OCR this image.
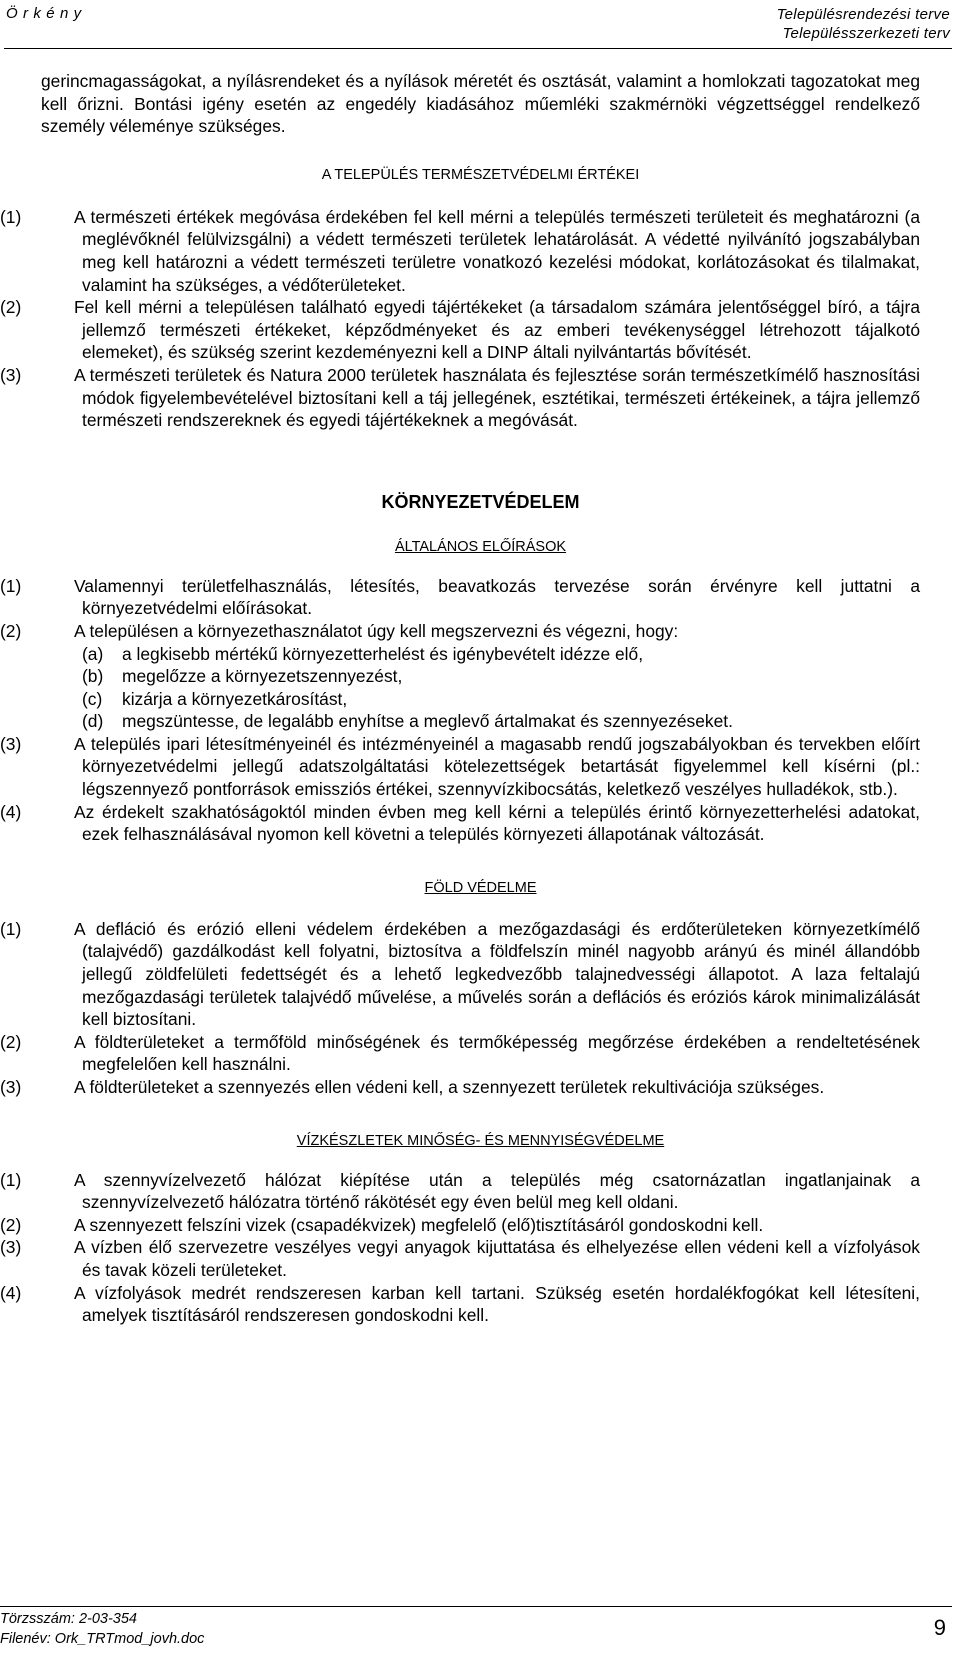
Ö r k é n y	Településrendezési terve
Településszerkezeti terv

gerincmagasságokat, a nyílásrendeket és a nyílások méretét és osztását, valamint a homlokzati tagozatokat meg kell őrizni. Bontási igény esetén az engedély kiadásához műemléki szakmérnöki végzettséggel rendelkező személy véleménye szükséges.

A TELEPÜLÉS TERMÉSZETVÉDELMI ÉRTÉKEI

(1)	A természeti értékek megóvása érdekében fel kell mérni a település természeti területeit és meghatározni (a meglévőknél felülvizsgálni) a védett természeti területek lehatárolását. A védetté nyilvánító jogszabályban meg kell határozni a védett természeti területre vonatkozó kezelési módokat, korlátozásokat és tilalmakat, valamint ha szükséges, a védőterületeket.
(2)	Fel kell mérni a településen található egyedi tájértékeket (a társadalom számára jelentőséggel bíró, a tájra jellemző természeti értékeket, képződményeket és az emberi tevékenységgel létrehozott tájalkotó elemeket), és szükség szerint kezdeményezni kell a DINP általi nyilvántartás bővítését.
(3)	A természeti területek és Natura 2000 területek használata és fejlesztése során természetkímélő hasznosítási módok figyelembevételével biztosítani kell a táj jellegének, esztétikai, természeti értékeinek, a tájra jellemző természeti rendszereknek és egyedi tájértékeknek a megóvását.

KÖRNYEZETVÉDELEM

ÁLTALÁNOS ELŐÍRÁSOK

(1)	Valamennyi területfelhasználás, létesítés, beavatkozás tervezése során érvényre kell juttatni a környezetvédelmi előírásokat.
(2)	A településen a környezethasználatot úgy kell megszervezni és végezni, hogy:
(a) a legkisebb mértékű környezetterhelést és igénybevételt idézze elő,
(b) megelőzze a környezetszennyezést,
(c) kizárja a környezetkárosítást,
(d) megszüntesse, de legalább enyhítse a meglevő ártalmakat és szennyezéseket.
(3)	A település ipari létesítményeinél és intézményeinél a magasabb rendű jogszabályokban és tervekben előírt környezetvédelmi jellegű adatszolgáltatási kötelezettségek betartását figyelemmel kell kísérni (pl.: légszennyező pontforrások emissziós értékei, szennyvízkibocsátás, keletkező veszélyes hulladékok, stb.).
(4)	Az érdekelt szakhatóságoktól minden évben meg kell kérni a település érintő környezetterhelési adatokat, ezek felhasználásával nyomon kell követni a település környezeti állapotának változását.

FÖLD VÉDELME

(1)	A defláció és erózió elleni védelem érdekében a mezőgazdasági és erdőterületeken környezetkímélő (talajvédő) gazdálkodást kell folyatni, biztosítva a földfelszín minél nagyobb arányú és minél állandóbb jellegű zöldfelületi fedettségét és a lehető legkedvezőbb talajnedvességi állapotot. A laza feltalajú mezőgazdasági területek talajvédő művelése, a művelés során a deflációs és eróziós károk minimalizálását kell biztosítani.
(2)	A földterületeket a termőföld minőségének és termőképesség megőrzése érdekében a rendeltetésének megfelelően kell használni.
(3)	A földterületeket a szennyezés ellen védeni kell, a szennyezett területek rekultivációja szükséges.

VÍZKÉSZLETEK MINŐSÉG- ÉS MENNYISÉGVÉDELME

(1)	A szennyvízelvezető hálózat kiépítése után a település még csatornázatlan ingatlanjainak a szennyvízelvezető hálózatra történő rákötését egy éven belül meg kell oldani.
(2)	A szennyezett felszíni vizek (csapadékvizek) megfelelő (elő)tisztításáról gondoskodni kell.
(3)	A vízben élő szervezetre veszélyes vegyi anyagok kijuttatása és elhelyezése ellen védeni kell a vízfolyások és tavak közeli területeket.
(4)	A vízfolyások medrét rendszeresen karban kell tartani. Szükség esetén hordalékfogókat kell létesíteni, amelyek tisztításáról rendszeresen gondoskodni kell.
Törzsszám: 2-03-354
Filenév: Ork_TRTmod_jovh.doc	9
